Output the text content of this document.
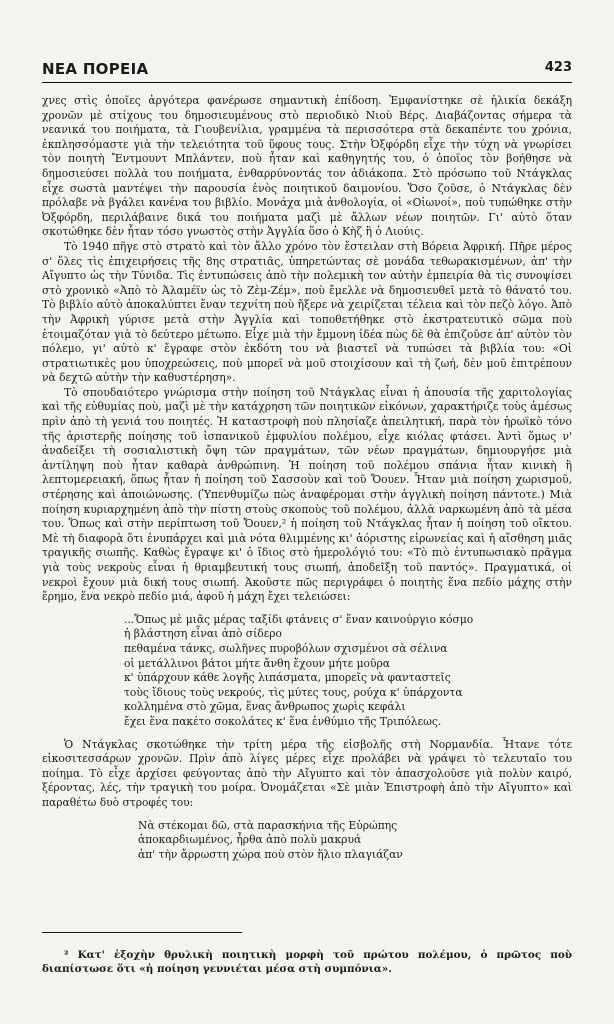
ΝΕΑ ΠΟΡΕΙΑ	423

χνες στὶς ὁποῖες ἀργότερα φανέρωσε σημαντικὴ ἐπίδοση. Ἐμφανίστηκε σὲ ἡλικία δεκάξη χρονῶν μὲ στίχους του δημοσιευμένους στὸ περιοδικὸ Νιοὺ Βέρς. Διαβάζοντας σήμερα τὰ νεανικά του ποιήματα, τὰ Γιουβενίλια, γραμμένα τὰ περισσότερα στὰ δεκαπέντε του χρόνια, ἐκπλησσόμαστε γιὰ τὴν τελειότητα τοῦ ὕφους τους. Στὴν Ὀξφόρδη εἶχε τὴν τύχη νὰ γνωρίσει τὸν ποιητὴ Ἔντμουντ Μπλάντεν, ποὺ ἦταν καὶ καθηγητής του, ὁ ὁποῖος τὸν βοήθησε νὰ δημοσιεύσει πολλὰ του ποιήματα, ἐνθαρρύνοντάς τον ἀδιάκοπα. Στὸ πρόσωπο τοῦ Ντάγκλας εἶχε σωστὰ μαντέψει τὴν παρουσία ἑνὸς ποιητικοῦ δαιμονίου. Ὅσο ζοῦσε, ὁ Ντάγκλας δὲν πρόλαβε νὰ βγάλει κανένα του βιβλίο. Μονάχα μιὰ ἀνθολογία, οἱ «Οἰωνοί», ποὺ τυπώθηκε στὴν Ὀξφόρδη, περιλάβαινε δικά του ποιήματα μαζὶ μὲ ἄλλων νέων ποιητῶν. Γι' αὐτὸ ὅταν σκοτώθηκε δὲν ἦταν τόσο γνωστὸς στὴν Ἀγγλία ὅσο ὁ Κὴζ ἢ ὁ Λιούις.

Τὸ 1940 πῆγε στὸ στρατὸ καὶ τὸν ἄλλο χρόνο τὸν ἔστειλαν στὴ Βόρεια Ἀφρική. Πῆρε μέρος σ' ὅλες τὶς ἐπιχειρήσεις τῆς 8ης στρατιᾶς, ὑπηρετώντας σὲ μονάδα τεθωρακισμένων, ἀπ' τὴν Αἴγυπτο ὡς τὴν Τύνιδα. Τὶς ἐντυπώσεις ἀπὸ τὴν πολεμικὴ τον αὐτὴν ἐμπειρία θὰ τὶς συνοψίσει στὸ χρονικὸ «Ἀπὸ τὸ Ἀλαμέϊν ὡς τὸ Ζὲμ-Ζέμ», ποὺ ἔμελλε νὰ δημοσιευθεῖ μετὰ τὸ θάνατό του. Τὸ βιβλίο αὐτὸ ἀποκαλύπτει ἕναν τεχνίτη ποὺ ἤξερε νὰ χειρίζεται τέλεια καὶ τὸν πεζὸ λόγο. Ἀπὸ τὴν Ἀφρικὴ γύρισε μετὰ στὴν Ἀγγλία καὶ τοποθετήθηκε στὸ ἐκστρατευτικὸ σῶμα ποὺ ἑτοιμαζόταν γιὰ τὸ δεύτερο μέτωπο. Εἶχε μιὰ τὴν ἔμμονη ἰδέα πὼς δὲ θὰ ἐπιζοῦσε ἀπ' αὐτὸν τὸν πόλεμο, γι' αὐτὸ κ' ἔγραφε στὸν ἐκδότη του νὰ βιαστεῖ νὰ τυπώσει τὰ βιβλία του: «Οἱ στρατιωτικὲς μου ὑποχρεώσεις, ποὺ μπορεῖ νὰ μοῦ στοιχίσουν καὶ τὴ ζωή, δὲν μοῦ ἐπιτρέπουν νὰ δεχτῶ αὐτὴν τὴν καθυστέρηση».

Τὸ σπουδαιότερο γνώρισμα στὴν ποίηση τοῦ Ντάγκλας εἶναι ἡ ἀπουσία τῆς χαριτολογίας καὶ τῆς εὐθυμίας ποὺ, μαζὶ μὲ τὴν κατάχρηση τῶν ποιητικῶν εἰκόνων, χαρακτήριζε τοὺς ἀμέσως πρὶν ἀπὸ τὴ γενιά του ποιητές. Ἡ καταστροφὴ ποὺ πλησίαζε ἀπειλητική, παρὰ τὸν ἡρωϊκὸ τόνο τῆς ἀριστερῆς ποίησης τοῦ ἰσπανικοῦ ἐμφυλίου πολέμου, εἶχε κιόλας φτάσει. Ἀντὶ ὅμως ν' ἀναδείξει τὴ σοσιαλιστικὴ ὄψη τῶν πραγμάτων, τῶν νέων πραγμάτων, δημιουργήσε μιὰ ἀντίληψη ποὺ ἦταν καθαρὰ ἀνθρώπινη. Ἡ ποίηση τοῦ πολέμου σπάνια ἦταν κινικὴ ἢ λεπτομερειακή, ὅπως ἦταν ἡ ποίηση τοῦ Σασσοὺν καὶ τοῦ Ὄουεν. Ἦταν μιὰ ποίηση χωρισμοῦ, στέρησης καὶ ἀποιώνωσης. (Ὑπενθυμίζω πὼς ἀναφέρομαι στὴν ἀγγλικὴ ποίηση πάντοτε.) Μιὰ ποίηση κυριαρχημένη ἀπὸ τὴν πίστη στοὺς σκοποὺς τοῦ πολέμου, ἀλλὰ ναρκωμένη ἀπὸ τὰ μέσα του. Ὅπως καὶ στὴν περίπτωση τοῦ Ὄουεν,² ἡ ποίηση τοῦ Ντάγκλας ἦταν ἡ ποίηση τοῦ οἴκτου. Μὲ τὴ διαφορὰ ὅτι ἐνυπάρχει καὶ μιὰ νότα θλιμμένης κι' ἀόριστης εἰρωνείας καὶ ἡ αἴσθηση μιᾶς τραγικῆς σιωπῆς. Καθὼς ἔγραψε κι' ὁ ἴδιος στὸ ἡμερολόγιό του: «Τὸ πιὸ ἐντυπωσιακὸ πρᾶγμα γιὰ τοὺς νεκροὺς εἶναι ἡ θριαμβευτική τους σιωπή, ἀποδεῖξη τοῦ παντός». Πραγματικά, οἱ νεκροὶ ἔχουν μιὰ δική τους σιωπή. Ἀκοῦστε πῶς περιγράφει ὁ ποιητὴς ἕνα πεδίο μάχης στὴν ἔρημο, ἕνα νεκρὸ πεδίο μιά, ἀφοῦ ἡ μάχη ἔχει τελειώσει:

...Ὅπως μὲ μιᾶς μέρας ταξίδι φτάνεις σ' ἕναν καινούργιο κόσμο
ἡ βλάστηση εἶναι ἀπὸ σίδερο
πεθαμένα τάνκς, σωλῆνες πυροβόλων σχισμένοι σὰ σέλινα
οἱ μετάλλινοι βάτοι μήτε ἄνθη ἔχουν μήτε μοῦρα
κ' ὑπάρχουν κάθε λογῆς λιπάσματα, μπορεῖς νὰ φανταστεῖς
τοὺς ἴδιους τοὺς νεκρούς, τὶς μύτες τους, ρούχα κ' ὑπάρχοντα
κολλημένα στὸ χῶμα, ἕνας ἄνθρωπος χωρὶς κεφάλι
ἔχει ἕνα πακέτο σοκολάτες κ' ἕνα ἐνθύμιο τῆς Τριπόλεως.

Ὁ Ντάγκλας σκοτώθηκε τὴν τρίτη μέρα τῆς εἰσβολῆς στὴ Νορμανδία. Ἦτανε τότε εἰκοσιτεσσάρων χρονῶν. Πρὶν ἀπὸ λίγες μέρες εἶχε προλάβει νὰ γράψει τὸ τελευταῖο του ποίημα. Τὸ εἶχε ἀρχίσει φεύγοντας ἀπὸ τὴν Αἴγυπτο καὶ τὸν ἀπασχολοῦσε γιὰ πολὺν καιρό, ξέροντας, λές, τὴν τραγικὴ του μοίρα. Ὀνομάζεται «Σὲ μιὰν Ἐπιστροφὴ ἀπὸ τὴν Αἴγυπτο» καὶ παραθέτω δυὸ στροφές του:

Νὰ στέκομαι δῶ, στὰ παρασκήνια τῆς Εὐρώπης
ἀποκαρδιωμένος, ἦρθα ἀπὸ πολὺ μακρυά
ἀπ' τὴν ἄρρωστη χώρα ποὺ στὸν ἥλιο πλαγιάζαν

² Κατ' ἐξοχὴν θρυλικὴ ποιητικὴ μορφὴ τοῦ πρώτου πολέμου, ὁ πρῶτος ποὺ διαπίστωσε ὅτι «ἡ ποίηση γεννιέται μέσα στὴ συμπόνια».
